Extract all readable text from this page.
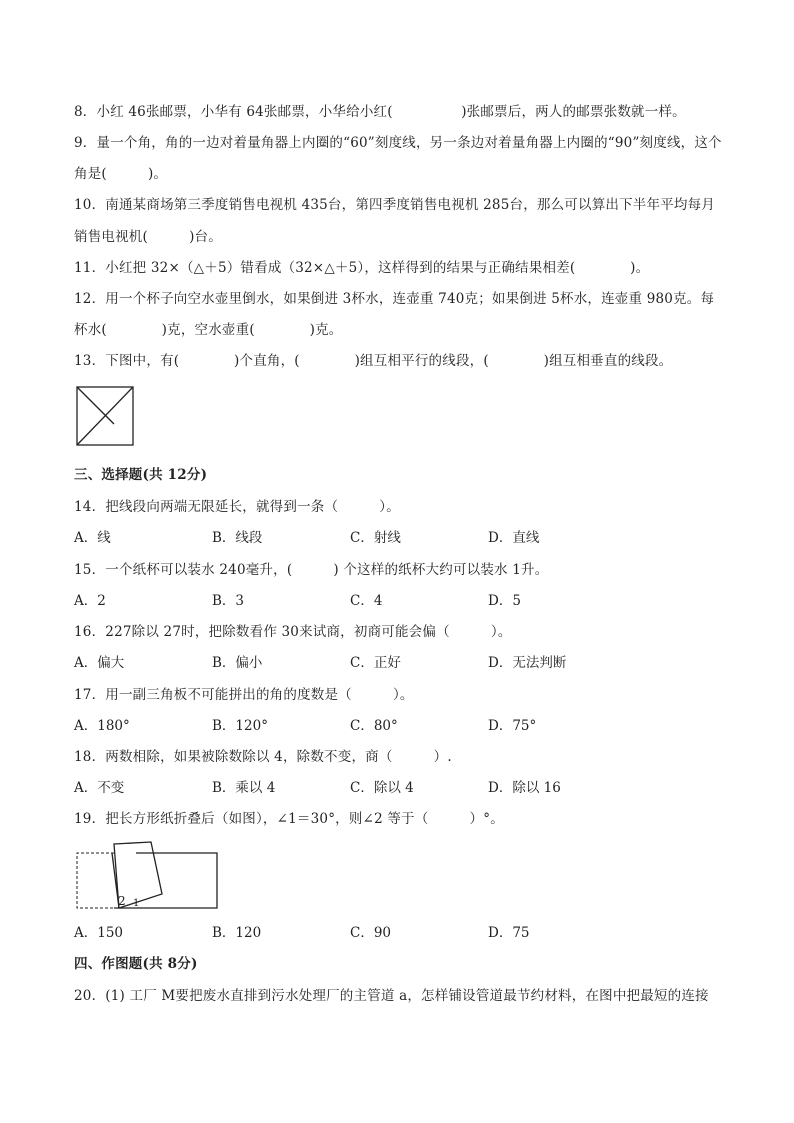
8．小红 46张邮票，小华有 64张邮票，小华给小红(　　　　　)张邮票后，两人的邮票张数就一样。
9．量一个角，角的一边对着量角器上内圈的“60”刻度线，另一条边对着量角器上内圈的“90”刻度线，这个
角是(　　　)。
10．南通某商场第三季度销售电视机 435台，第四季度销售电视机 285台，那么可以算出下半年平均每月
销售电视机(　　　)台。
11．小红把 32×（△＋5）错看成（32×△＋5），这样得到的结果与正确结果相差(　　　　)。
12．用一个杯子向空水壶里倒水，如果倒进 3杯水，连壶重 740克；如果倒进 5杯水，连壶重 980克。每
杯水(　　　　)克，空水壶重(　　　　)克。
13．下图中，有(　　　　)个直角，(　　　　)组互相平行的线段，(　　　　)组互相垂直的线段。
三、选择题(共 12分)
14．把线段向两端无限延长，就得到一条（　　　）。
A．线	B．线段	C．射线	D．直线
15．一个纸杯可以装水 240毫升，(　　　) 个这样的纸杯大约可以装水 1升。
A．2	B．3	C．4	D．5
16．227除以 27时，把除数看作 30来试商，初商可能会偏（　　　）。
A．偏大	B．偏小	C．正好	D．无法判断
17．用一副三角板不可能拼出的角的度数是（　　　）。
A．180°	B．120°	C．80°	D．75°
18．两数相除，如果被除数除以 4，除数不变，商（　　　）.
A．不变	B．乘以 4	C．除以 4	D．除以 16
19．把长方形纸折叠后（如图），∠1＝30°，则∠2 等于（　　　）°。
2 1
A．150	B．120	C．90	D．75
四、作图题(共 8分)
20．(1) 工厂 M要把废水直排到污水处理厂的主管道 a，怎样铺设管道最节约材料，在图中把最短的连接
